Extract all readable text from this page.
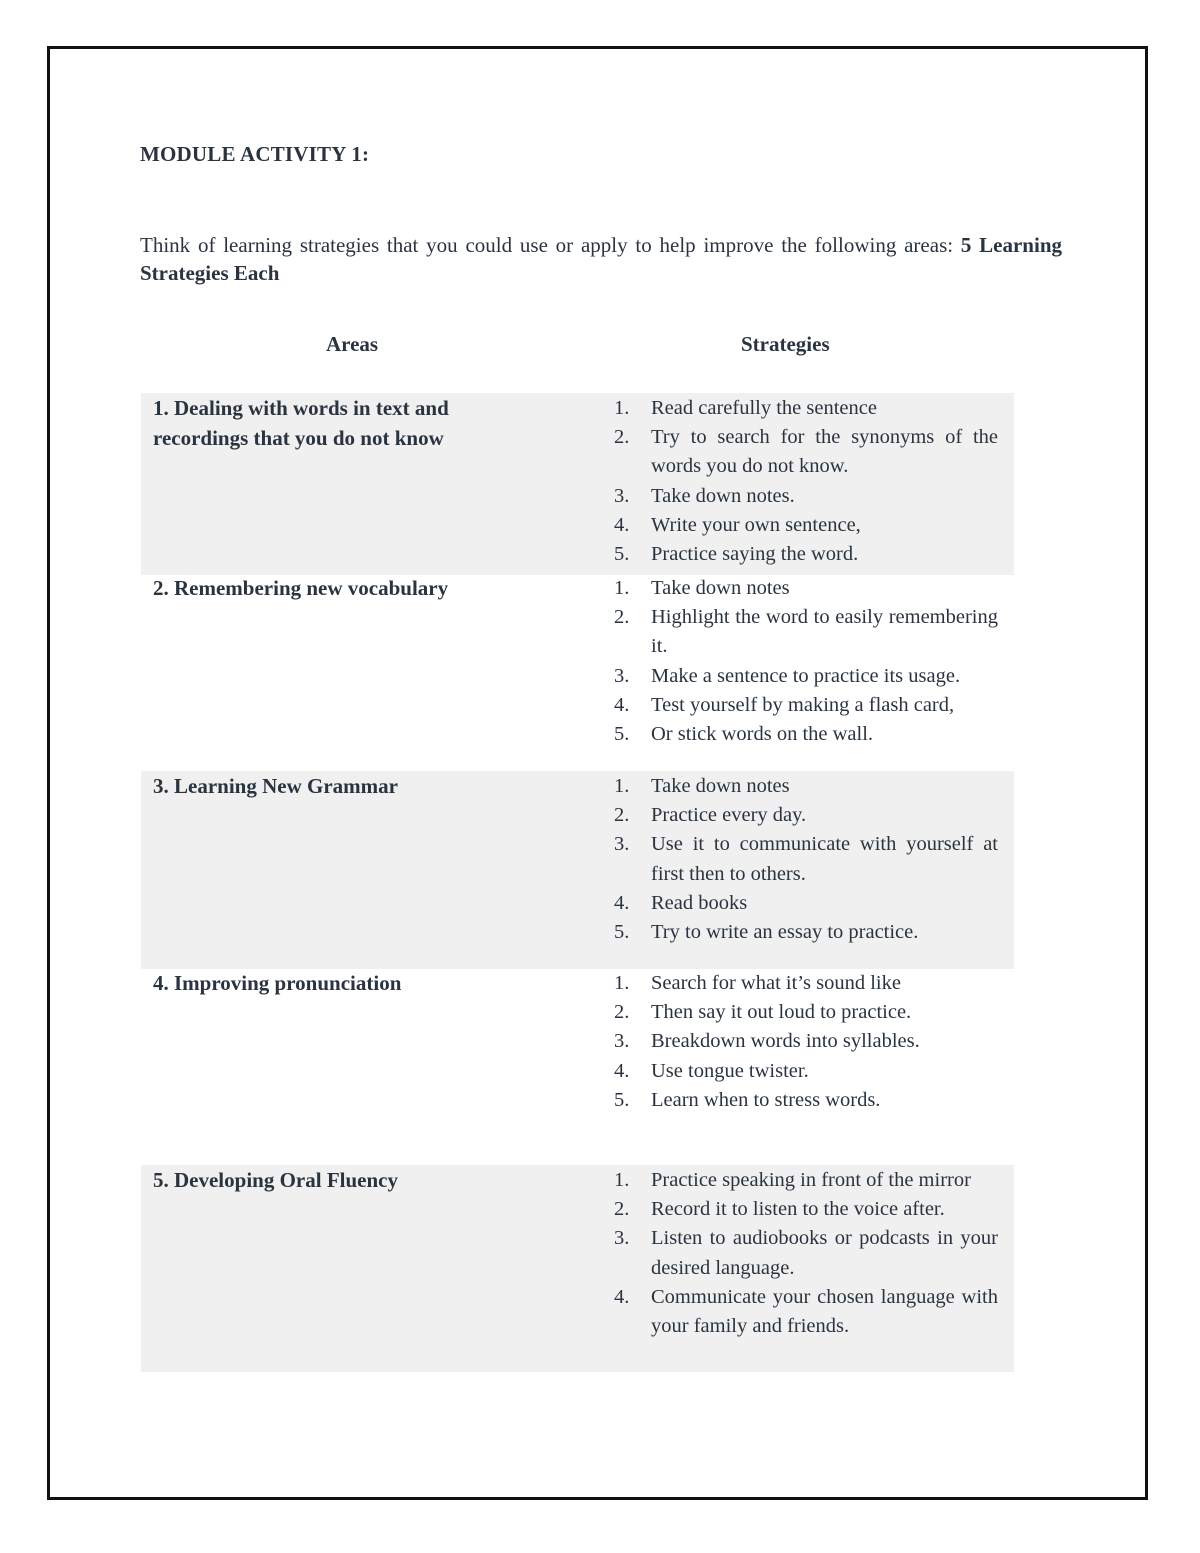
MODULE ACTIVITY 1:

Think of learning strategies that you could use or apply to help improve the following areas: 5 Learning Strategies Each

Areas	Strategies
1. Dealing with words in text and recordings that you do not know
1. Read carefully the sentence
2. Try to search for the synonyms of the words you do not know.
3. Take down notes.
4. Write your own sentence,
5. Practice saying the word.
2. Remembering new vocabulary	1. Take down notes
2. Highlight the word to easily remembering it.
3. Make a sentence to practice its usage.
4. Test yourself by making a flash card,
5. Or stick words on the wall.
3. Learning New Grammar	1. Take down notes
2. Practice every day.
3. Use it to communicate with yourself at first then to others.
4. Read books
5. Try to write an essay to practice.
4. Improving pronunciation	1. Search for what it’s sound like
2. Then say it out loud to practice.
3. Breakdown words into syllables.
4. Use tongue twister.
5. Learn when to stress words.
5. Developing Oral Fluency	1. Practice speaking in front of the mirror
2. Record it to listen to the voice after.
3. Listen to audiobooks or podcasts in your desired language.
4. Communicate your chosen language with your family and friends.
